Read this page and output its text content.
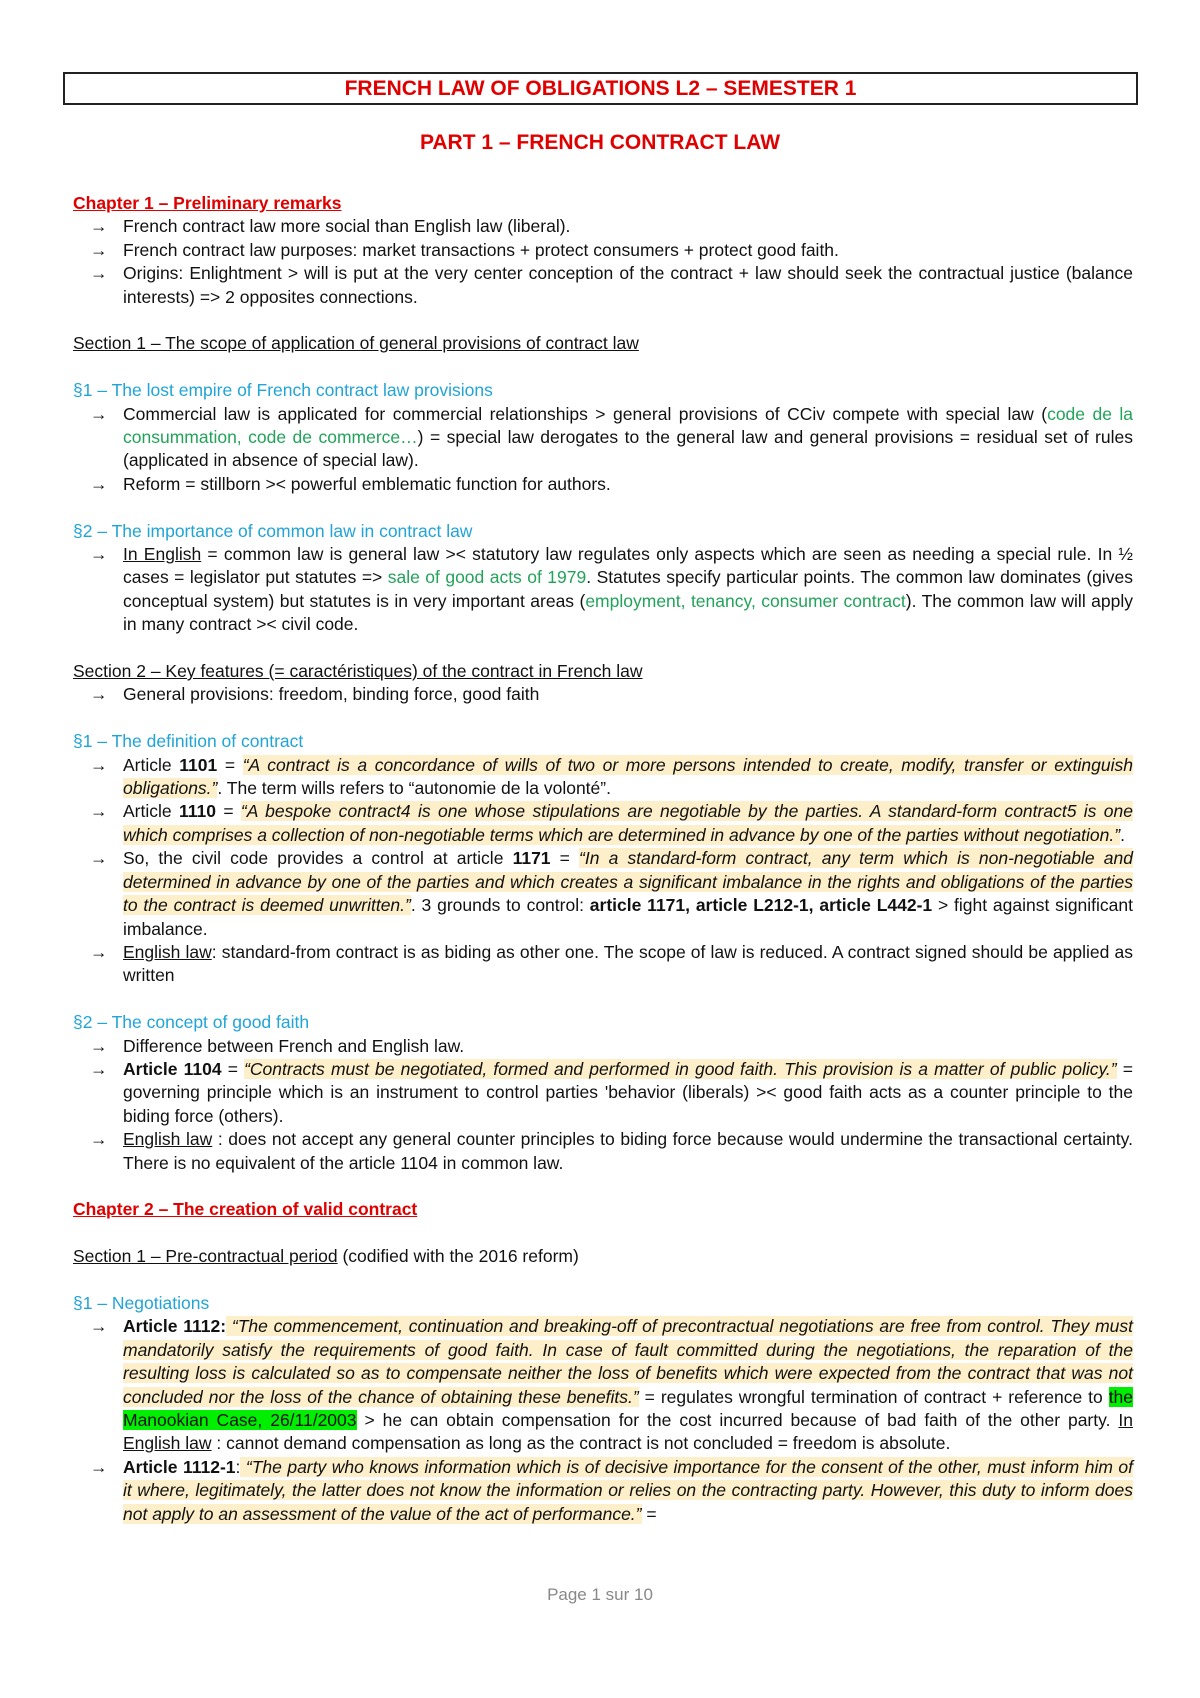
FRENCH LAW OF OBLIGATIONS L2 – SEMESTER 1
PART 1 – FRENCH CONTRACT LAW
Chapter 1 – Preliminary remarks
→ French contract law more social than English law (liberal).
→ French contract law purposes: market transactions + protect consumers + protect good faith.
→ Origins: Enlightment > will is put at the very center conception of the contract + law should seek the contractual justice (balance interests) => 2 opposites connections.
Section 1 – The scope of application of general provisions of contract law
§1 – The lost empire of French contract law provisions
→ Commercial law is applicated for commercial relationships > general provisions of CCiv compete with special law (code de la consummation, code de commerce…) = special law derogates to the general law and general provisions = residual set of rules (applicated in absence of special law).
→ Reform = stillborn >< powerful emblematic function for authors.
§2 – The importance of common law in contract law
→ In English = common law is general law >< statutory law regulates only aspects which are seen as needing a special rule. In ½ cases = legislator put statutes => sale of good acts of 1979. Statutes specify particular points. The common law dominates (gives conceptual system) but statutes is in very important areas (employment, tenancy, consumer contract). The common law will apply in many contract >< civil code.
Section 2 – Key features (= caractéristiques) of the contract in French law
→ General provisions: freedom, binding force, good faith
§1 – The definition of contract
→ Article 1101 = “A contract is a concordance of wills of two or more persons intended to create, modify, transfer or extinguish obligations.”. The term wills refers to “autonomie de la volonté”.
→ Article 1110 = “A bespoke contract4 is one whose stipulations are negotiable by the parties. A standard-form contract5 is one which comprises a collection of non-negotiable terms which are determined in advance by one of the parties without negotiation.”.
→ So, the civil code provides a control at article 1171 = “In a standard-form contract, any term which is non-negotiable and determined in advance by one of the parties and which creates a significant imbalance in the rights and obligations of the parties to the contract is deemed unwritten.”. 3 grounds to control: article 1171, article L212-1, article L442-1 > fight against significant imbalance.
→ English law: standard-from contract is as biding as other one. The scope of law is reduced. A contract signed should be applied as written
§2 – The concept of good faith
→ Difference between French and English law.
→ Article 1104 = “Contracts must be negotiated, formed and performed in good faith. This provision is a matter of public policy.” = governing principle which is an instrument to control parties 'behavior (liberals) >< good faith acts as a counter principle to the biding force (others).
→ English law : does not accept any general counter principles to biding force because would undermine the transactional certainty. There is no equivalent of the article 1104 in common law.
Chapter 2 – The creation of valid contract
Section 1 – Pre-contractual period (codified with the 2016 reform)
§1 – Negotiations
→ Article 1112: “The commencement, continuation and breaking-off of precontractual negotiations are free from control. They must mandatorily satisfy the requirements of good faith. In case of fault committed during the negotiations, the reparation of the resulting loss is calculated so as to compensate neither the loss of benefits which were expected from the contract that was not concluded nor the loss of the chance of obtaining these benefits.” = regulates wrongful termination of contract + reference to the Manookian Case, 26/11/2003 > he can obtain compensation for the cost incurred because of bad faith of the other party. In English law : cannot demand compensation as long as the contract is not concluded = freedom is absolute.
→ Article 1112-1: “The party who knows information which is of decisive importance for the consent of the other, must inform him of it where, legitimately, the latter does not know the information or relies on the contracting party. However, this duty to inform does not apply to an assessment of the value of the act of performance.” =
Page 1 sur 10
